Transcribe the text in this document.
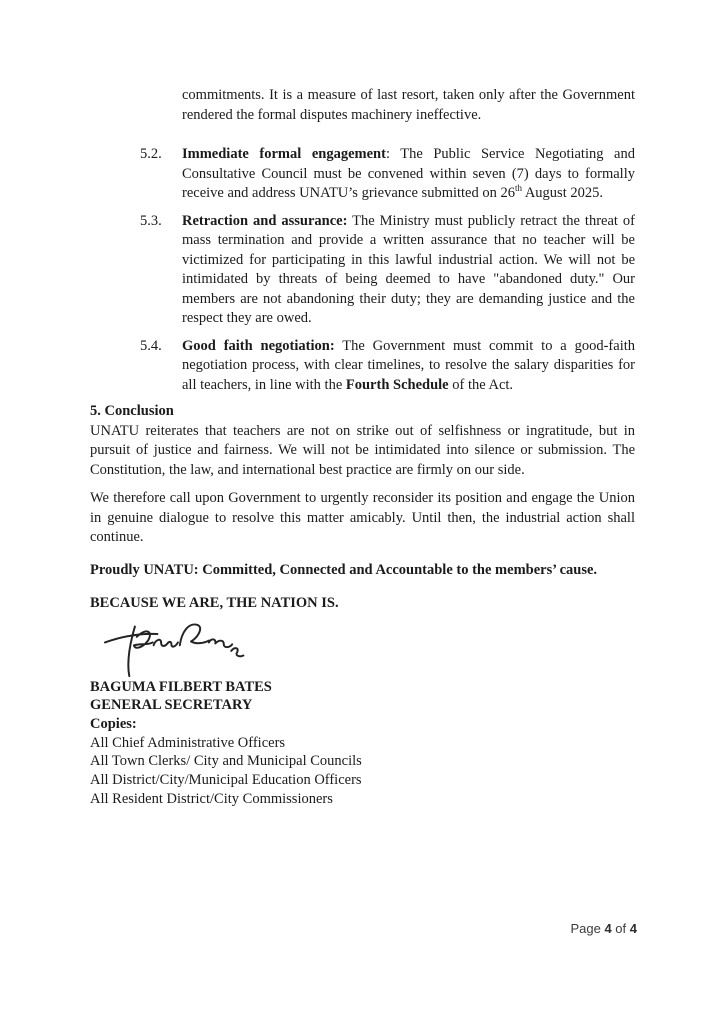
commitments. It is a measure of last resort, taken only after the Government rendered the formal disputes machinery ineffective.

5.2. Immediate formal engagement: The Public Service Negotiating and Consultative Council must be convened within seven (7) days to formally receive and address UNATU’s grievance submitted on 26th August 2025.

5.3. Retraction and assurance: The Ministry must publicly retract the threat of mass termination and provide a written assurance that no teacher will be victimized for participating in this lawful industrial action. We will not be intimidated by threats of being deemed to have "abandoned duty." Our members are not abandoning their duty; they are demanding justice and the respect they are owed.

5.4. Good faith negotiation: The Government must commit to a good-faith negotiation process, with clear timelines, to resolve the salary disparities for all teachers, in line with the Fourth Schedule of the Act.

5. Conclusion

UNATU reiterates that teachers are not on strike out of selfishness or ingratitude, but in pursuit of justice and fairness. We will not be intimidated into silence or submission. The Constitution, the law, and international best practice are firmly on our side.

We therefore call upon Government to urgently reconsider its position and engage the Union in genuine dialogue to resolve this matter amicably. Until then, the industrial action shall continue.

Proudly UNATU: Committed, Connected and Accountable to the members’ cause.

BECAUSE WE ARE, THE NATION IS.

BAGUMA FILBERT BATES

GENERAL SECRETARY

Copies:

All Chief Administrative Officers

All Town Clerks/ City and Municipal Councils

All District/City/Municipal Education Officers

All Resident District/City Commissioners

Page 4 of 4
